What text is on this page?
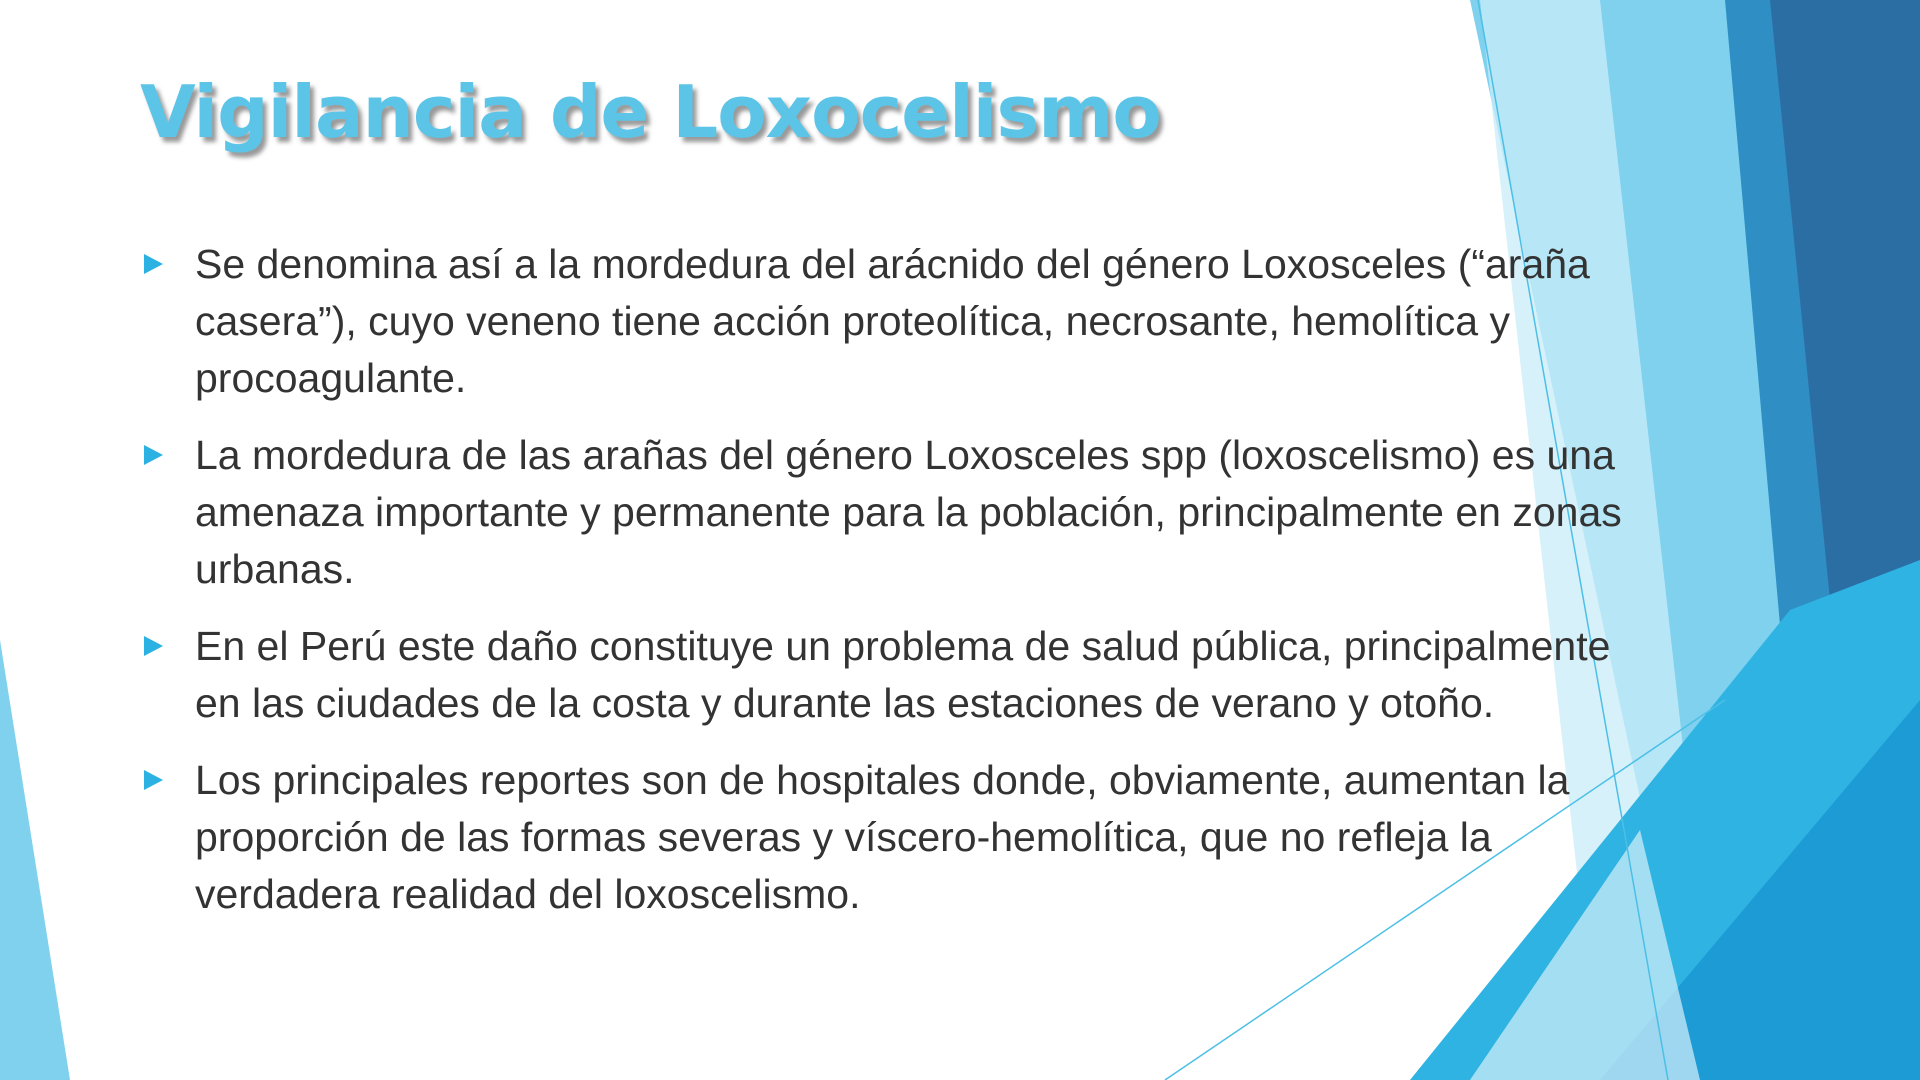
Vigilancia de Loxocelismo
Se denomina así a la mordedura del arácnido del género Loxosceles (“araña casera”), cuyo veneno tiene acción proteolítica, necrosante, hemolítica y procoagulante.
La mordedura de las arañas del género Loxosceles spp (loxoscelismo) es una amenaza importante y permanente para la población, principalmente en zonas urbanas.
En el Perú este daño constituye un problema de salud pública, principalmente en las ciudades de la costa y durante las estaciones de verano y otoño.
Los principales reportes son de hospitales donde, obviamente, aumentan la proporción de las formas severas y víscero-hemolítica, que no refleja la verdadera realidad del loxoscelismo.
